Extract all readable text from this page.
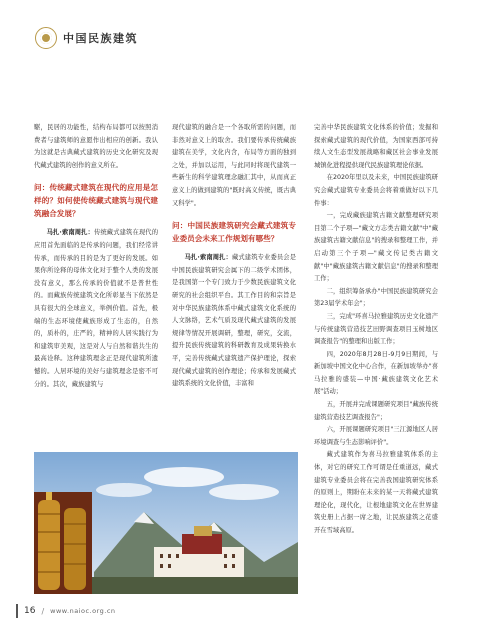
中国民族建筑

駆，民居的功能性，结构布局都可以按照消费者与建筑师的意愿作出相应的创新。我认为这就是古典藏式建筑的历史文化研究及现代藏式建筑的创作的意义所在。

问：传统藏式建筑在现代的应用是怎样的？如何使传统藏式建筑与现代建筑融合发展？

马扎·索南周扎：传统藏式建筑在现代的应用首先面临的是传承的问题，我们经常讲传承，而传承的目的是为了更好的发展。如果你所诠释的母体文化对于整个人类的发展没有意义，那么传承的价值就不是普世性的。而藏族传统建筑文化所彰显当下依然是具有很大的全球意义，举例价值。首先，极端的生态环境使藏族形成了生态的，自然的，质朴的，庄严的，精神的人居实践行为和建筑审美观，这是对人与自然和谐共生的最高诠释。这种建筑理念正是现代建筑所遗憾的。人居环境的美好与建筑理念是密不可分的。其次，藏族建筑与

现代建筑的融合是一个各取所需的问题，而非然对意义上的取舍。我们要传承传统藏族建筑在美学，文化内含，布局等方面的独到之处，并加以运用，与此同时将现代建筑一些新生的科学建筑理念融汇其中，从而真正意义上的做到建筑的"既时高义传统，既古典又科学"。

问：中国民族建筑研究会藏式建筑专业委员会未来工作规划有哪些？

马扎·索南周扎：藏式建筑专业委员会是中国民族建筑研究会属下的二级学术团体，是我国第一个专门致力于少数民族建筑文化研究的社会组织平台。其工作目的和宗旨是对中华民族建筑体系中藏式建筑文化系统的人文脉络，艺术气质及现代藏式建筑的发展规律等情况开展调研，整理，研究，交流，提升民族传统建筑的科研教育及成果转换水平，完善传统藏式建筑遗产保护理论，探索现代藏式建筑的创作理论；传承和发展藏式建筑系统的文化价值，丰富和

完善中华民族建筑文化体系的价值；发掘和探索藏式建筑的现代价值，为国家西部可持续人文生态型发展战略和藏区社会事业发展城镇化进程提供现代民族建筑理论依据。

在2020年里以及未来，中国民族建筑研究会藏式建筑专业委员会将着重做好以下几件事：

一，完成藏族建筑古籍文献整理研究项目第二个子项—"藏文方志类古籍文献"中"藏族建筑古籍文献信息"的搜录和整理工作，并启动第三个子项—"藏文传记类古籍文献"中"藏族建筑古籍文献信息"的搜录和整理工作；

二，组织筹备承办"中国民族建筑研究会第23届学术年会"；

三，完成"环喜马拉雅建筑历史文化遗产与传统建筑营造技艺田野调查项目玉树地区调查报告"的整理和出版工作；

四，2020年8月28日-9月9日期间，与新加坡中国文化中心合作，在新加坡举办"喜马拉雅的盛装—中国·藏族建筑文化艺术展"活动；

五，开展并完成课题研究项目"藏族传统建筑营造技艺调查报告"；

六，开展课题研究项目"三江源地区人居环境调查与生态影响评价"。

藏式建筑作为喜马拉雅建筑体系的主体，对它的研究工作可谓是任重道远，藏式建筑专业委员会将在完善我国建筑研究体系的原则上，期盼在未来的某一天将藏式建筑理论化，现代化，让根地建筑文化在世界建筑史册上占据一席之地，让民族建筑之花盛开在雪域高原。

16 / www.naioc.org.cn
